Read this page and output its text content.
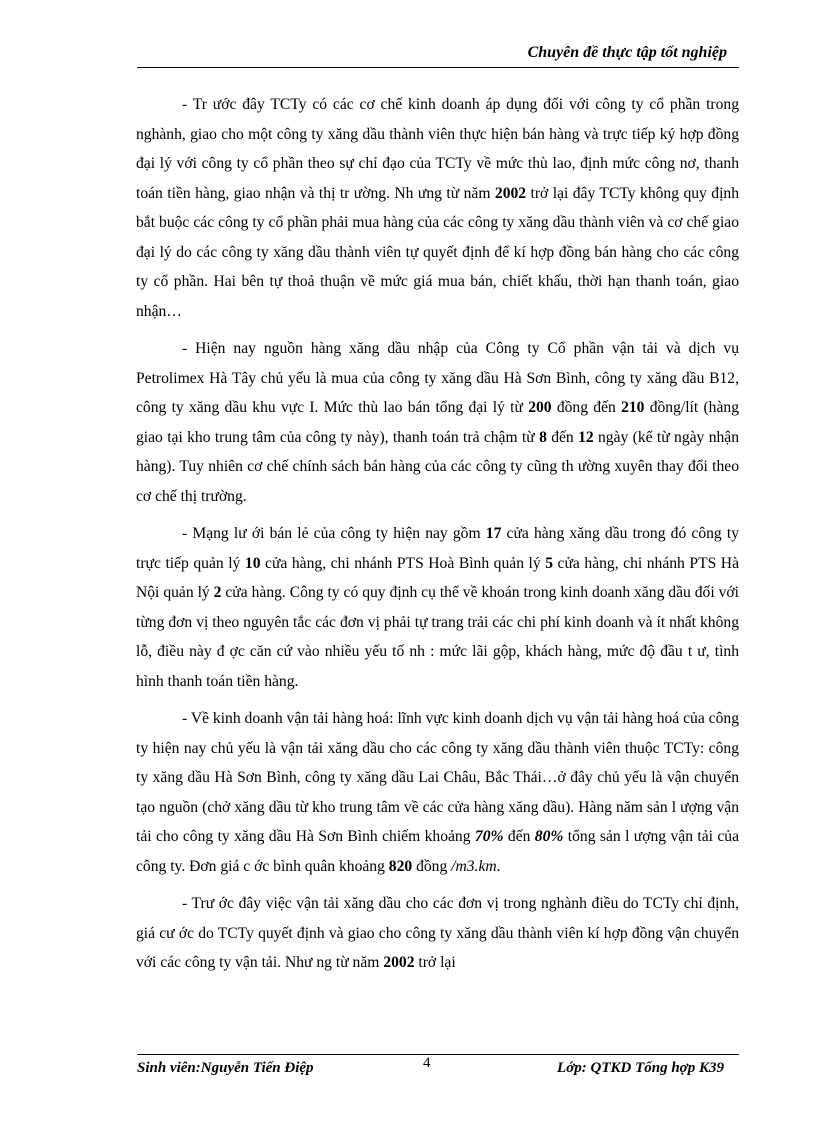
Chuyên đề thực tập tốt nghiệp

- Tr ước đây TCTy có các cơ chế kinh doanh áp dụng đối với công ty cổ phần trong nghành, giao cho một công ty xăng dầu thành viên thực hiện bán hàng và trực tiếp ký hợp đồng đại lý với công ty cổ phần theo sự chỉ đạo của TCTy về mức thù lao, định mức công nơ, thanh toán tiền hàng, giao nhận và thị tr ường. Nh ưng từ năm 2002 trở lại đây TCTy không quy định bắt buộc các công ty cổ phần phải mua hàng của các công ty xăng dầu thành viên và cơ chế giao đại lý do các công ty xăng dầu thành viên tự quyết định để kí hợp đồng bán hàng cho các công ty cổ phần. Hai bên tự thoả thuận về mức giá mua bán, chiết khấu, thời hạn thanh toán, giao nhận…

- Hiện nay nguồn hàng xăng dầu nhập của Công ty Cổ phần vận tải và dịch vụ Petrolimex Hà Tây chủ yếu là mua của công ty xăng dầu Hà Sơn Bình, công ty xăng dầu B12, công ty xăng dầu khu vực I. Mức thù lao bán tổng đại lý từ 200 đồng đến 210 đồng/lít (hàng giao tại kho trung tâm của công ty này), thanh toán trả chậm từ 8 đến 12 ngày (kể từ ngày nhận hàng). Tuy nhiên cơ chế chính sách bán hàng của các công ty cũng th ường xuyên thay đổi theo cơ chế thị trường.

- Mạng lư ới bán lẻ của công ty hiện nay gồm 17 cửa hàng xăng dầu trong đó công ty trực tiếp quản lý 10 cửa hàng, chi nhánh PTS Hoà Bình quản lý 5 cửa hàng, chi nhánh PTS Hà Nội quản lý 2 cửa hàng. Công ty có quy định cụ thể về khoán trong kinh doanh xăng dầu đối với từng đơn vị theo nguyên tắc các đơn vị phải tự trang trải các chi phí kinh doanh và ít nhất không lỗ, điều này đ ợc căn cứ vào nhiều yếu tố nh : mức lãi gộp, khách hàng, mức độ đầu t ư, tình hình thanh toán tiền hàng.

- Về kinh doanh vận tải hàng hoá: lĩnh vực kinh doanh dịch vụ vận tải hàng hoá của công ty hiện nay chủ yếu là vận tải xăng dầu cho các công ty xăng dầu thành viên thuộc TCTy: công ty xăng dầu Hà Sơn Bình, công ty xăng dầu Lai Châu, Bắc Thái…ở đây chủ yếu là vận chuyển tạo nguồn (chở xăng dầu từ kho trung tâm về các cửa hàng xăng dầu). Hàng năm sản l ượng vận tải cho công ty xăng dầu Hà Sơn Bình chiếm khoảng 70% đến 80% tổng sản l ượng vận tải của công ty. Đơn giá c ớc bình quân khoảng 820 đồng /m3.km.

- Trư ớc đây việc vận tải xăng dầu cho các đơn vị trong nghành điều do TCTy chỉ định, giá cư ớc do TCTy quyết định và giao cho công ty xăng dầu thành viên kí hợp đồng vận chuyển với các công ty vận tải. Như ng từ năm 2002 trở lại

Sinh viên:Nguyễn Tiến Điệp	4	Lớp: QTKD Tổng hợp K39
